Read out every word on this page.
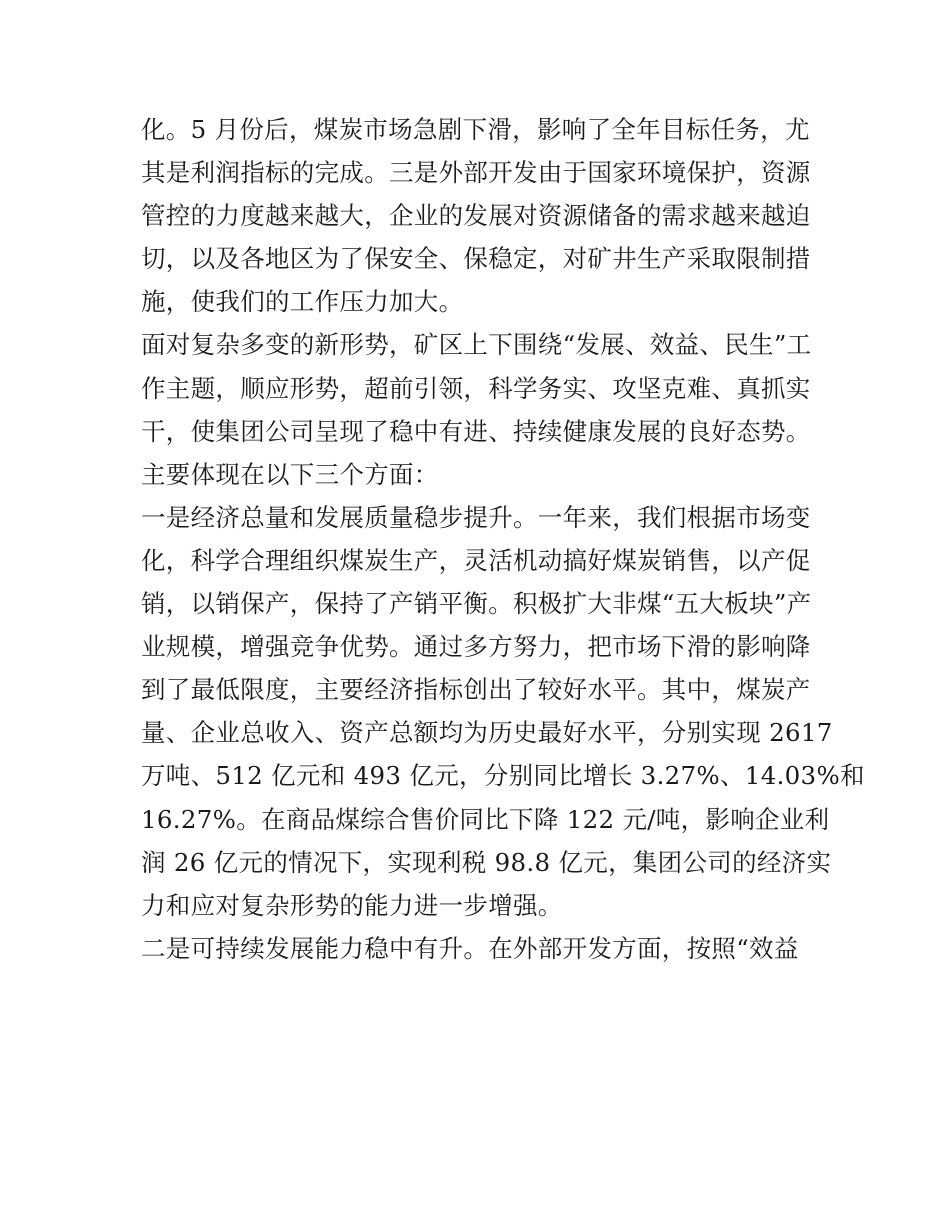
化。5 月份后，煤炭市场急剧下滑，影响了全年目标任务，尤
其是利润指标的完成。三是外部开发由于国家环境保护，资源
管控的力度越来越大，企业的发展对资源储备的需求越来越迫
切，以及各地区为了保安全、保稳定，对矿井生产采取限制措
施，使我们的工作压力加大。
面对复杂多变的新形势，矿区上下围绕“发展、效益、民生”工
作主题，顺应形势，超前引领，科学务实、攻坚克难、真抓实
干，使集团公司呈现了稳中有进、持续健康发展的良好态势。
主要体现在以下三个方面：
一是经济总量和发展质量稳步提升。一年来，我们根据市场变
化，科学合理组织煤炭生产，灵活机动搞好煤炭销售，以产促
销，以销保产，保持了产销平衡。积极扩大非煤“五大板块”产
业规模，增强竞争优势。通过多方努力，把市场下滑的影响降
到了最低限度，主要经济指标创出了较好水平。其中，煤炭产
量、企业总收入、资产总额均为历史最好水平，分别实现 2617
万吨、512 亿元和 493 亿元，分别同比增长 3.27%、14.03%和
16.27%。在商品煤综合售价同比下降 122 元/吨，影响企业利
润 26 亿元的情况下，实现利税 98.8 亿元，集团公司的经济实
力和应对复杂形势的能力进一步增强。
二是可持续发展能力稳中有升。在外部开发方面，按照“效益
